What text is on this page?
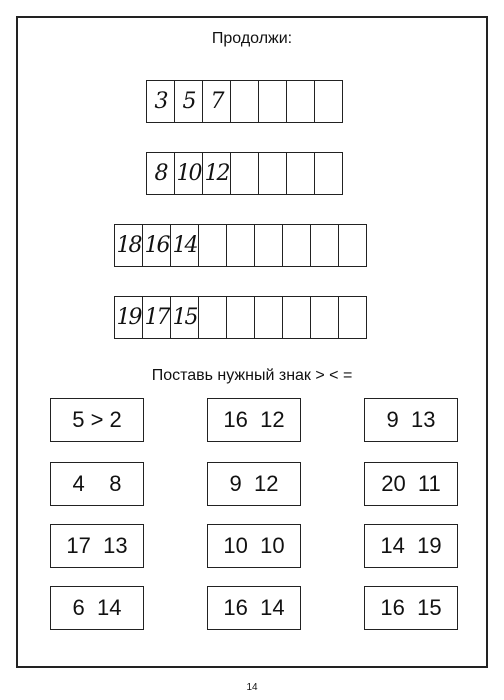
Продолжи:
3 5 7
8 10 12
18 16 14
19 17 15
Поставь нужный знак > < =
5 > 2	16  12	9  13
4    8	9  12	20  11
17  13	10  10	14  19
6  14	16  14	16  15
14
